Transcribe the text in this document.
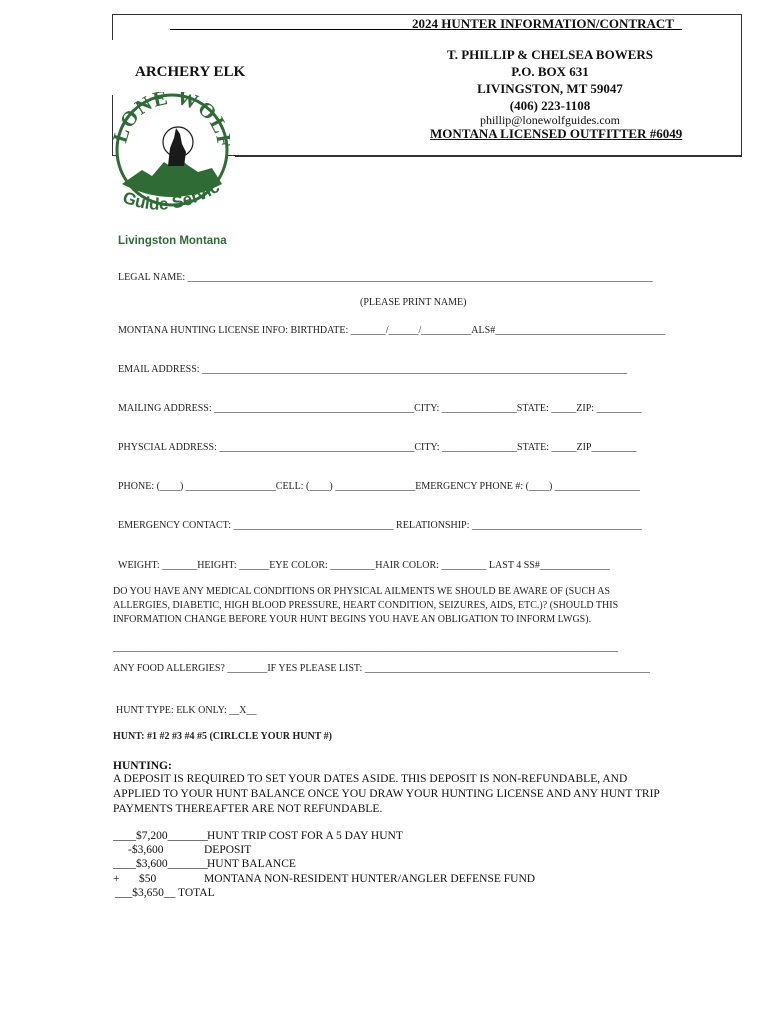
2024 HUNTER INFORMATION/CONTRACT
ARCHERY ELK
T. PHILLIP & CHELSEA BOWERS
P.O. BOX 631
LIVINGSTON, MT 59047
(406) 223-1108
phillip@lonewolfguides.com
MONTANA LICENSED OUTFITTER #6049
ONE WO
Guide Servic
Livingston Montana
LEGAL NAME: _____________________________________________________________________________________________
(PLEASE PRINT NAME)
MONTANA HUNTING LICENSE INFO: BIRTHDATE: _______/______/__________ALS#__________________________________
EMAIL ADDRESS: _____________________________________________________________________________________
MAILING ADDRESS: ________________________________________CITY: _______________STATE: _____ZIP: _________
PHYSCIAL ADDRESS: _______________________________________CITY: _______________STATE: _____ZIP_________
PHONE: (____) __________________CELL: (____) ________________EMERGENCY PHONE #: (____) _________________
EMERGENCY CONTACT: ________________________________ RELATIONSHIP: __________________________________
WEIGHT: _______HEIGHT: ______EYE COLOR: _________HAIR COLOR: _________ LAST 4 SS#______________
DO YOU HAVE ANY MEDICAL CONDITIONS OR PHYSICAL AILMENTS WE SHOULD BE AWARE OF (SUCH AS ALLERGIES, DIABETIC, HIGH BLOOD PRESSURE, HEART CONDITION, SEIZURES, AIDS, ETC.)? (SHOULD THIS INFORMATION CHANGE BEFORE YOUR HUNT BEGINS YOU HAVE AN OBLIGATION TO INFORM LWGS).
_____________________________________________________________________________________________________
ANY FOOD ALLERGIES? ________IF YES PLEASE LIST: _________________________________________________________
HUNT TYPE: ELK ONLY: __X__
HUNT: #1 #2 #3 #4 #5 (CIRLCLE YOUR HUNT #)
HUNTING:
A DEPOSIT IS REQUIRED TO SET YOUR DATES ASIDE. THIS DEPOSIT IS NON-REFUNDABLE, AND APPLIED TO YOUR HUNT BALANCE ONCE YOU DRAW YOUR HUNTING LICENSE AND ANY HUNT TRIP PAYMENTS THEREAFTER ARE NOT REFUNDABLE.
____$7,200_______ HUNT TRIP COST FOR A 5 DAY HUNT
-$3,600	DEPOSIT
____$3,600_______ HUNT BALANCE
+ $50	MONTANA NON-RESIDENT HUNTER/ANGLER DEFENSE FUND
___$3,650__ TOTAL
